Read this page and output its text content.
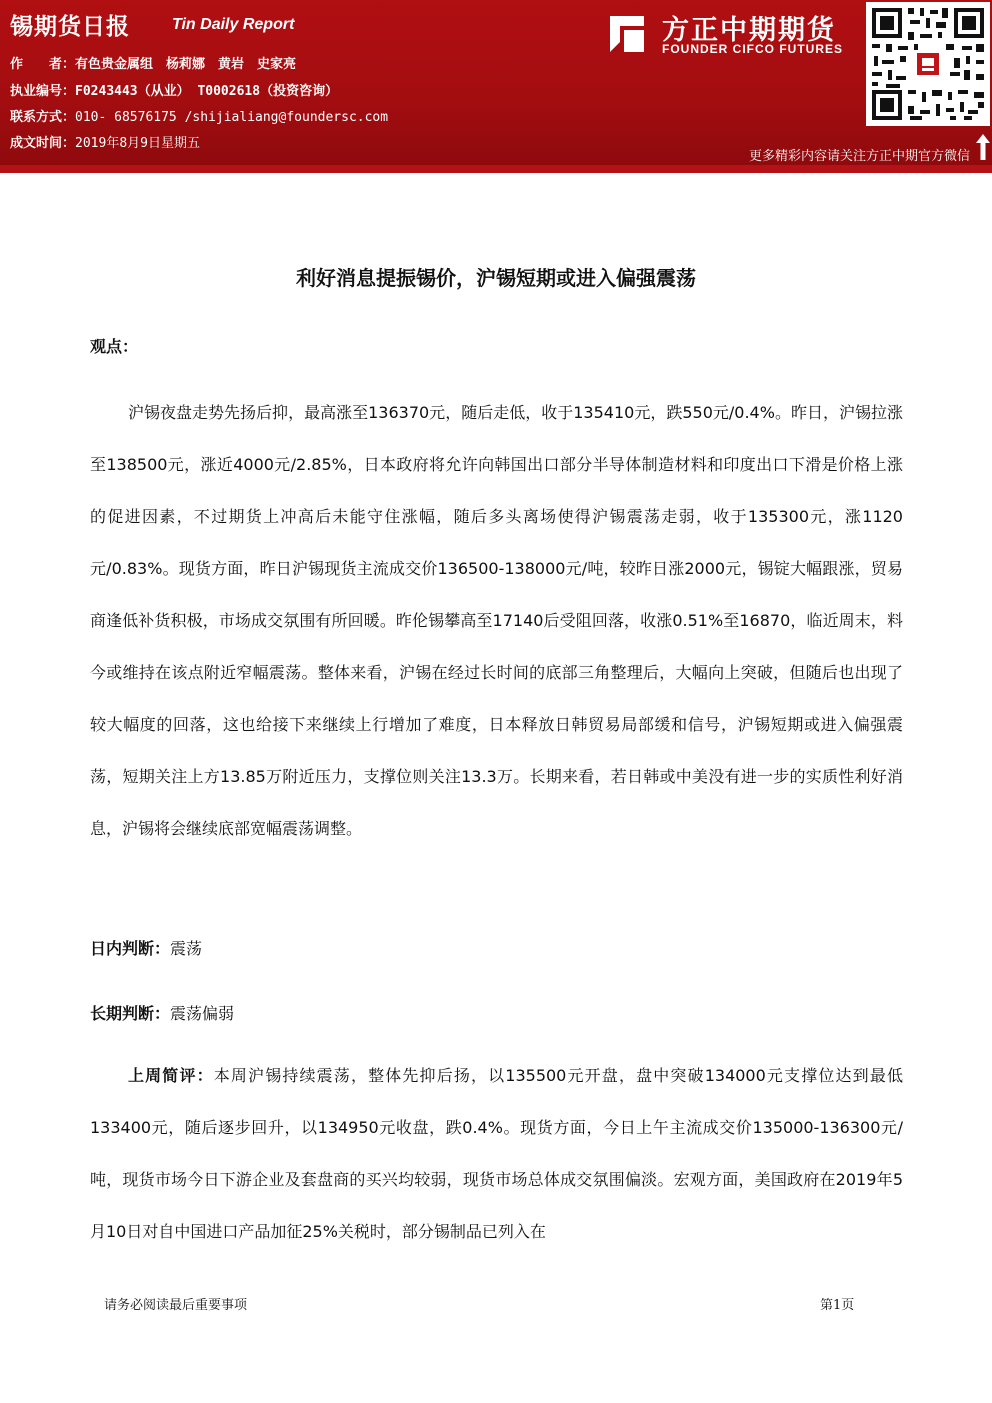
锡期货日报	Tin Daily Report
作　　者：有色贵金属组　杨莉娜　黄岩　史家亮
执业编号：F0243443（从业） T0002618（投资咨询）
联系方式：010- 68576175 /shijialiang@foundersc.com
成文时间：2019年8月9日星期五
方正中期期货
FOUNDER CIFCO FUTURES
更多精彩内容请关注方正中期官方微信
利好消息提振锡价，沪锡短期或进入偏强震荡
观点：
沪锡夜盘走势先扬后抑，最高涨至136370元，随后走低，收于135410元，跌550元/0.4%。昨日，沪锡拉涨至138500元，涨近4000元/2.85%，日本政府将允许向韩国出口部分半导体制造材料和印度出口下滑是价格上涨的促进因素，不过期货上冲高后未能守住涨幅，随后多头离场使得沪锡震荡走弱，收于135300元，涨1120元/0.83%。现货方面，昨日沪锡现货主流成交价136500-138000元/吨，较昨日涨2000元，锡锭大幅跟涨，贸易商逢低补货积极，市场成交氛围有所回暖。昨伦锡攀高至17140后受阻回落，收涨0.51%至16870，临近周末，料今或维持在该点附近窄幅震荡。整体来看，沪锡在经过长时间的底部三角整理后，大幅向上突破，但随后也出现了较大幅度的回落，这也给接下来继续上行增加了难度，日本释放日韩贸易局部缓和信号，沪锡短期或进入偏强震荡，短期关注上方13.85万附近压力，支撑位则关注13.3万。长期来看，若日韩或中美没有进一步的实质性利好消息，沪锡将会继续底部宽幅震荡调整。
日内判断：震荡
长期判断：震荡偏弱
上周简评：本周沪锡持续震荡，整体先抑后扬，以135500元开盘，盘中突破134000元支撑位达到最低133400元，随后逐步回升，以134950元收盘，跌0.4%。现货方面，今日上午主流成交价135000-136300元/吨，现货市场今日下游企业及套盘商的买兴均较弱，现货市场总体成交氛围偏淡。宏观方面，美国政府在2019年5月10日对自中国进口产品加征25%关税时，部分锡制品已列入在
请务必阅读最后重要事项	第1页
